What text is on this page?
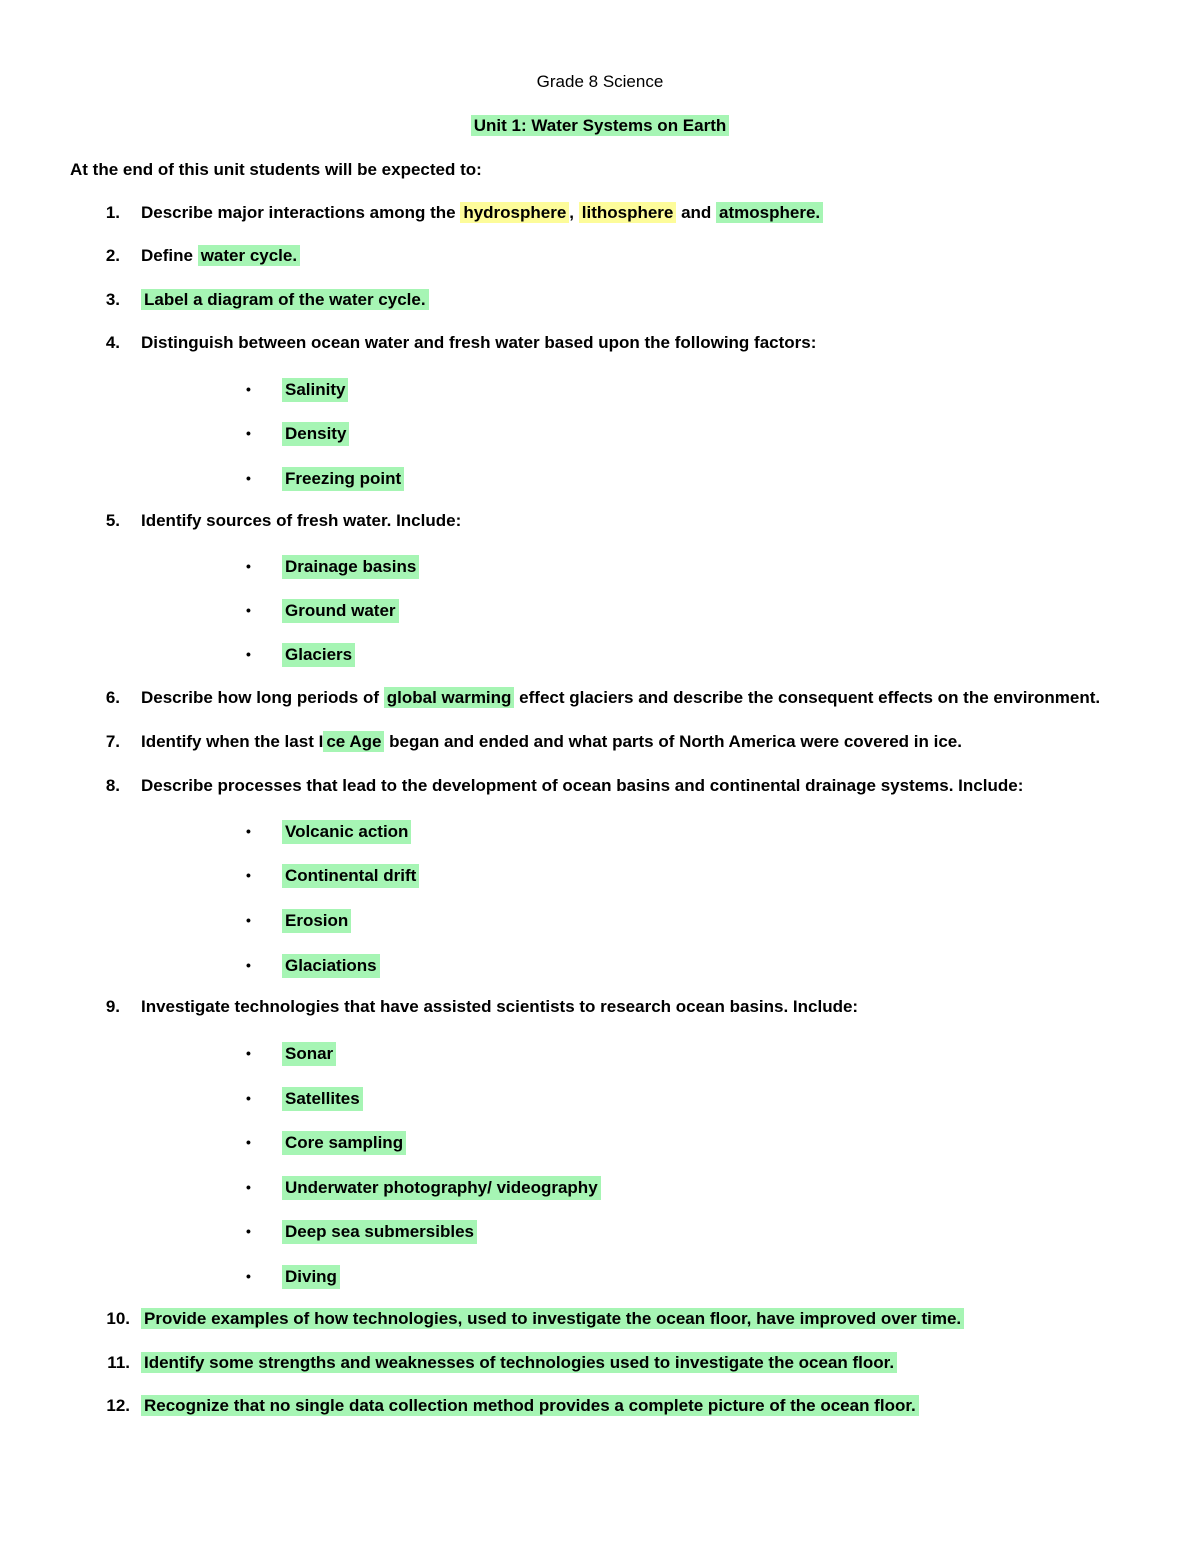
Grade 8 Science
Unit 1: Water Systems on Earth
At the end of this unit students will be expected to:
1. Describe major interactions among the hydrosphere , lithosphere and atmosphere.
2. Define water cycle.
3. Label a diagram of the water cycle.
4. Distinguish between ocean water and fresh water based upon the following factors:
• Salinity
• Density
• Freezing point
5. Identify sources of fresh water. Include:
• Drainage basins
• Ground water
• Glaciers
6. Describe how long periods of global warming effect glaciers and describe the consequent effects on the environment.
7. Identify when the last I ce Age began and ended and what parts of North America were covered in ice.
8. Describe processes that lead to the development of ocean basins and continental drainage systems. Include:
• Volcanic action
• Continental drift
• Erosion
• Glaciations
9. Investigate technologies that have assisted scientists to research ocean basins. Include:
• Sonar
• Satellites
• Core sampling
• Underwater photography/ videography
• Deep sea submersibles
• Diving
10. Provide examples of how technologies, used to investigate the ocean floor, have improved over time.
11. Identify some strengths and weaknesses of technologies used to investigate the ocean floor.
12. Recognize that no single data collection method provides a complete picture of the ocean floor.
